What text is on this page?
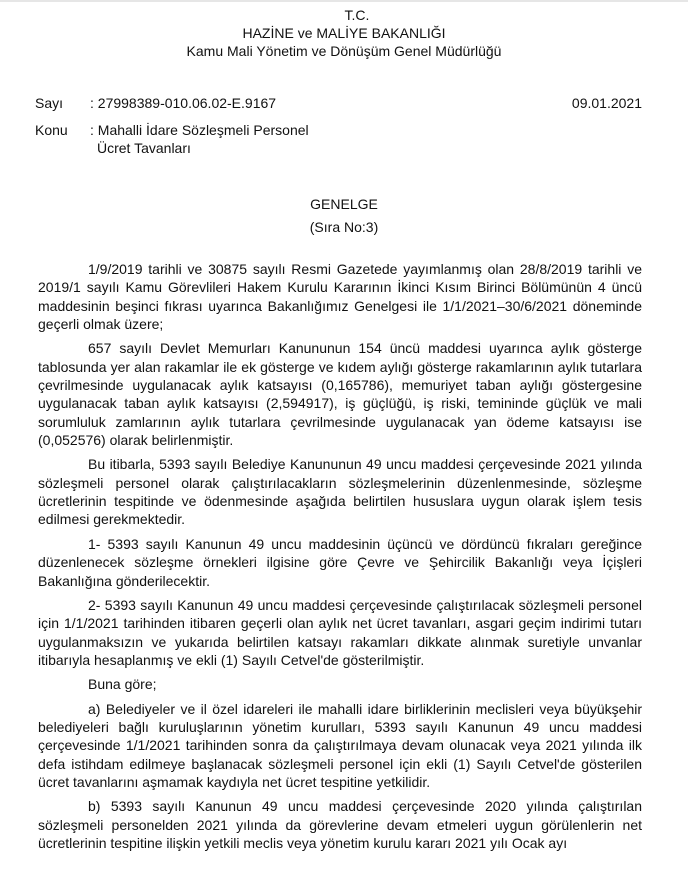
T.C.
HAZİNE ve MALİYE BAKANLIĞI
Kamu Mali Yönetim ve Dönüşüm Genel Müdürlüğü
Sayı : 27998389-010.06.02-E.9167	09.01.2021
Konu : Mahalli İdare Sözleşmeli Personel
Ücret Tavanları
GENELGE
(Sıra No:3)

1/9/2019 tarihli ve 30875 sayılı Resmi Gazetede yayımlanmış olan 28/8/2019 tarihli ve 2019/1 sayılı Kamu Görevlileri Hakem Kurulu Kararının İkinci Kısım Birinci Bölümünün 4 üncü maddesinin beşinci fıkrası uyarınca Bakanlığımız Genelgesi ile 1/1/2021–30/6/2021 döneminde geçerli olmak üzere;

657 sayılı Devlet Memurları Kanununun 154 üncü maddesi uyarınca aylık gösterge tablosunda yer alan rakamlar ile ek gösterge ve kıdem aylığı gösterge rakamlarının aylık tutarlara çevrilmesinde uygulanacak aylık katsayısı (0,165786), memuriyet taban aylığı göstergesine uygulanacak taban aylık katsayısı (2,594917), iş güçlüğü, iş riski, temininde güçlük ve mali sorumluluk zamlarının aylık tutarlara çevrilmesinde uygulanacak yan ödeme katsayısı ise (0,052576) olarak belirlenmiştir.

Bu itibarla, 5393 sayılı Belediye Kanununun 49 uncu maddesi çerçevesinde 2021 yılında sözleşmeli personel olarak çalıştırılacakların sözleşmelerinin düzenlenmesinde, sözleşme ücretlerinin tespitinde ve ödenmesinde aşağıda belirtilen hususlara uygun olarak işlem tesis edilmesi gerekmektedir.

1- 5393 sayılı Kanunun 49 uncu maddesinin üçüncü ve dördüncü fıkraları gereğince düzenlenecek sözleşme örnekleri ilgisine göre Çevre ve Şehircilik Bakanlığı veya İçişleri Bakanlığına gönderilecektir.

2- 5393 sayılı Kanunun 49 uncu maddesi çerçevesinde çalıştırılacak sözleşmeli personel için 1/1/2021 tarihinden itibaren geçerli olan aylık net ücret tavanları, asgari geçim indirimi tutarı uygulanmaksızın ve yukarıda belirtilen katsayı rakamları dikkate alınmak suretiyle unvanlar itibarıyla hesaplanmış ve ekli (1) Sayılı Cetvel'de gösterilmiştir.

Buna göre;

a) Belediyeler ve il özel idareleri ile mahalli idare birliklerinin meclisleri veya büyükşehir belediyeleri bağlı kuruluşlarının yönetim kurulları, 5393 sayılı Kanunun 49 uncu maddesi çerçevesinde 1/1/2021 tarihinden sonra da çalıştırılmaya devam olunacak veya 2021 yılında ilk defa istihdam edilmeye başlanacak sözleşmeli personel için ekli (1) Sayılı Cetvel'de gösterilen ücret tavanlarını aşmamak kaydıyla net ücret tespitine yetkilidir.

b) 5393 sayılı Kanunun 49 uncu maddesi çerçevesinde 2020 yılında çalıştırılan sözleşmeli personelden 2021 yılında da görevlerine devam etmeleri uygun görülenlerin net ücretlerinin tespitine ilişkin yetkili meclis veya yönetim kurulu kararı 2021 yılı Ocak ayı
